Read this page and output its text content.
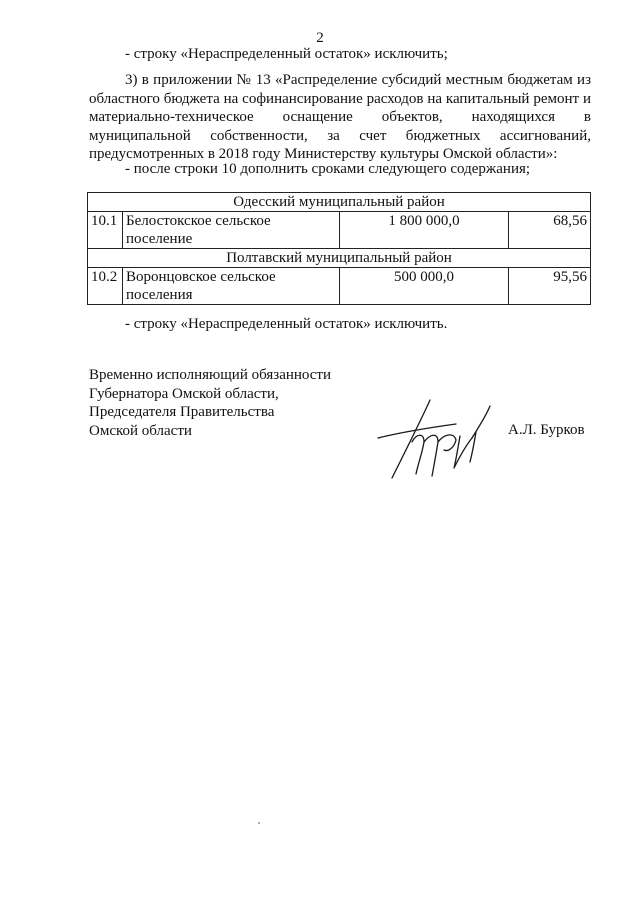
2
- строку «Нераспределенный остаток» исключить;
3) в приложении № 13 «Распределение субсидий местным бюджетам из областного бюджета на софинансирование расходов на капитальный ремонт и материально-техническое оснащение объектов, находящихся в муниципальной собственности, за счет бюджетных ассигнований, предусмотренных в 2018 году Министерству культуры Омской области»:
- после строки 10 дополнить сроками следующего содержания;
Одесский муниципальный район			
10.1	Белостокское сельское поселение	1 800 000,0	68,56
Полтавский муниципальный район			
10.2	Воронцовское сельское поселения	500 000,0	95,56
- строку «Нераспределенный остаток» исключить.
Временно исполняющий обязанности
Губернатора Омской области,
Председателя Правительства
Омской области	А.Л. Бурков
